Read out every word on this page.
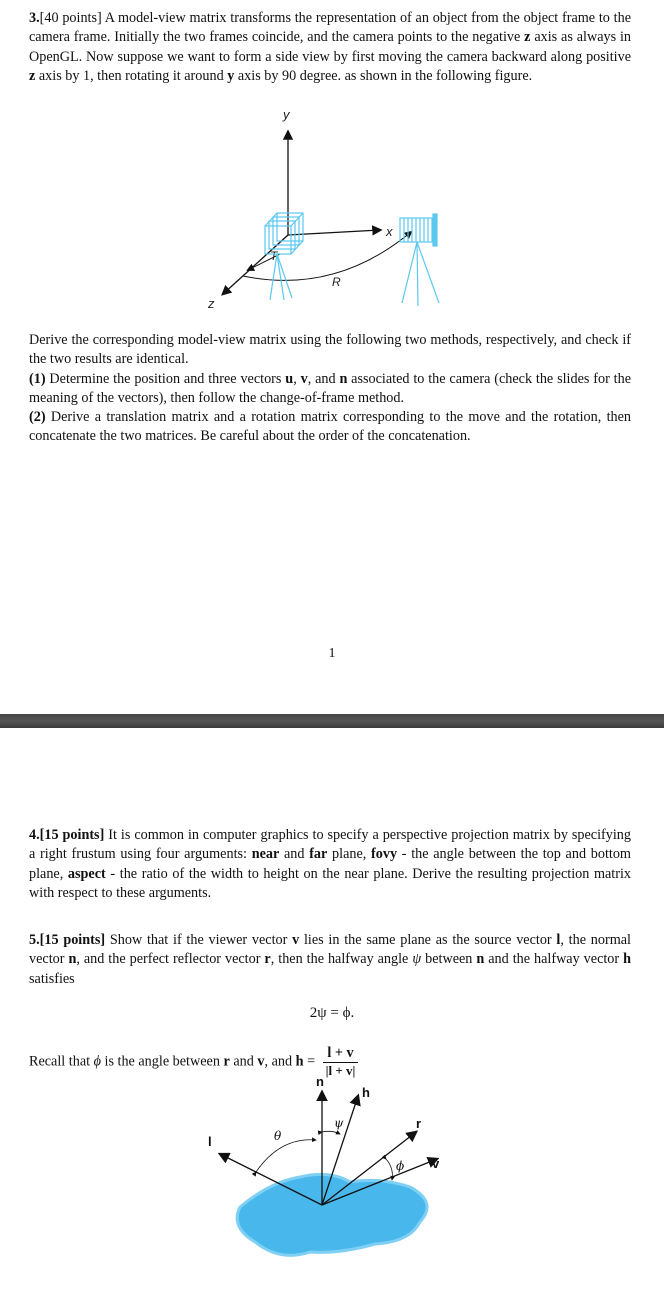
3.[40 points] A model-view matrix transforms the representation of an object from the object frame to the camera frame. Initially the two frames coincide, and the camera points to the negative z axis as always in OpenGL. Now suppose we want to form a side view by first moving the camera backward along positive z axis by 1, then rotating it around y axis by 90 degree. as shown in the following figure.

y
x
z
T
R

Derive the corresponding model-view matrix using the following two methods, respectively, and check if the two results are identical.
(1) Determine the position and three vectors u, v, and n associated to the camera (check the slides for the meaning of the vectors), then follow the change-of-frame method.
(2) Derive a translation matrix and a rotation matrix corresponding to the move and the rotation, then concatenate the two matrices. Be careful about the order of the concatenation.

1

4.[15 points] It is common in computer graphics to specify a perspective projection matrix by specifying a right frustum using four arguments: near and far plane, fovy - the angle between the top and bottom plane, aspect - the ratio of the width to height on the near plane. Derive the resulting projection matrix with respect to these arguments.

5.[15 points] Show that if the viewer vector v lies in the same plane as the source vector l, the normal vector n, and the perfect reflector vector r, then the halfway angle ψ between n and the halfway vector h satisfies

2ψ = ϕ.
Recall that ϕ is the angle between r and v, and $h = \frac{l + v}{|l + v|}$
n
h
l
r
v
θ
ψ
ϕ
